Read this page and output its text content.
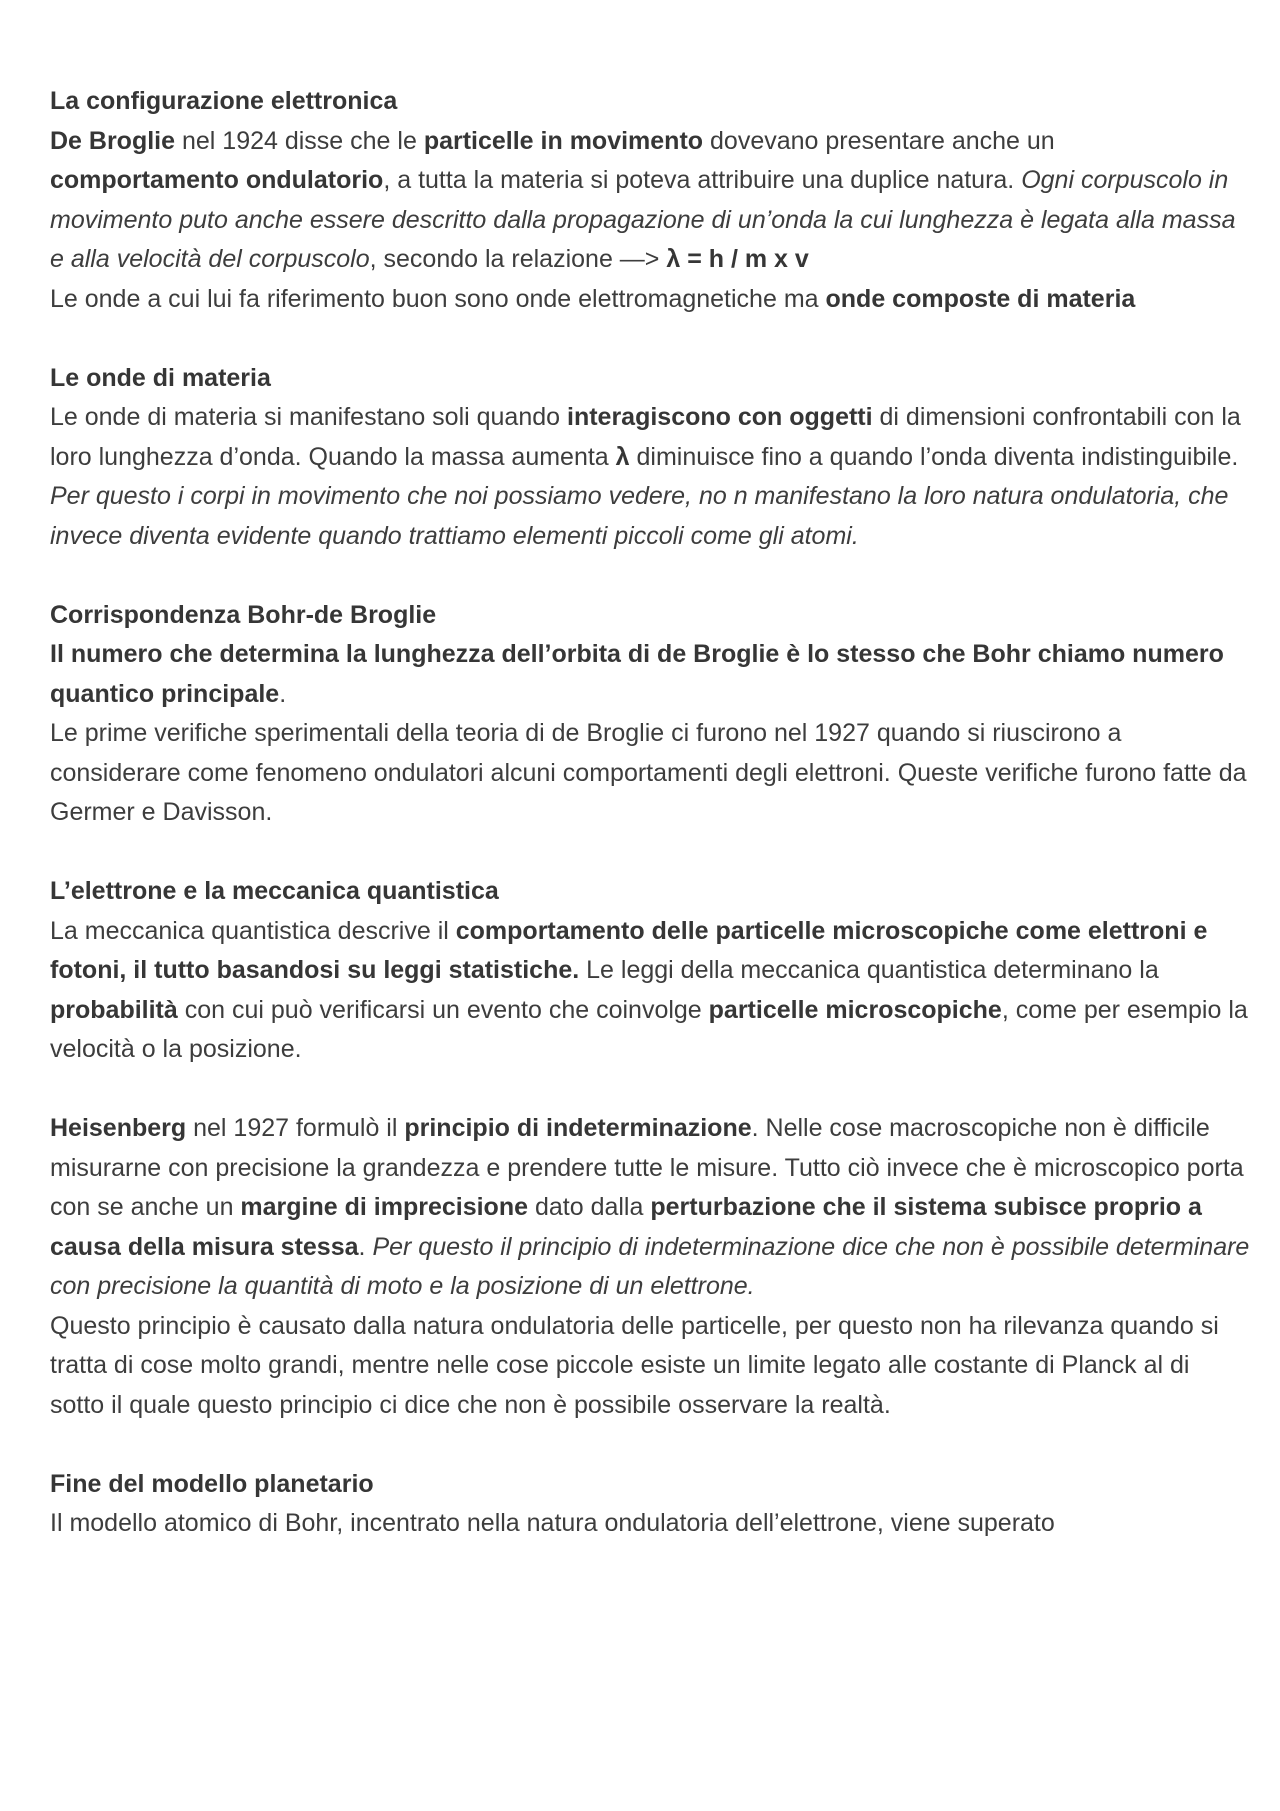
La configurazione elettronica
De Broglie nel 1924 disse che le particelle in movimento dovevano presentare anche un comportamento ondulatorio, a tutta la materia si poteva attribuire una duplice natura. Ogni corpuscolo in movimento puto anche essere descritto dalla propagazione di un’onda la cui lunghezza è legata alla massa e alla velocità del corpuscolo, secondo la relazione —> λ = h / m x v
Le onde a cui lui fa riferimento buon sono onde elettromagnetiche ma onde composte di materia
Le onde di materia
Le onde di materia si manifestano soli quando interagiscono con oggetti di dimensioni confrontabili con la loro lunghezza d’onda. Quando la massa aumenta λ diminuisce fino a quando l’onda diventa indistinguibile. Per questo i corpi in movimento che noi possiamo vedere, no n manifestano la loro natura ondulatoria, che invece diventa evidente quando trattiamo elementi piccoli come gli atomi.
Corrispondenza Bohr-de Broglie
Il numero che determina la lunghezza dell’orbita di de Broglie è lo stesso che Bohr chiamo numero quantico principale.
Le prime verifiche sperimentali della teoria di de Broglie ci furono nel 1927 quando si riuscirono a considerare come fenomeno ondulatori alcuni comportamenti degli elettroni. Queste verifiche furono fatte da Germer e Davisson.
L’elettrone e la meccanica quantistica
La meccanica quantistica descrive il comportamento delle particelle microscopiche come elettroni e fotoni, il tutto basandosi su leggi statistiche. Le leggi della meccanica quantistica determinano la probabilità con cui può verificarsi un evento che coinvolge particelle microscopiche, come per esempio la velocità o la posizione.
Heisenberg nel 1927 formulò il principio di indeterminazione. Nelle cose macroscopiche non è difficile misurarne con precisione la grandezza e prendere tutte le misure. Tutto ciò invece che è microscopico porta con se anche un margine di imprecisione dato dalla perturbazione che il sistema subisce proprio a causa della misura stessa. Per questo il principio di indeterminazione dice che non è possibile determinare con precisione la quantità di moto e la posizione di un elettrone.
Questo principio è causato dalla natura ondulatoria delle particelle, per questo non ha rilevanza quando si tratta di cose molto grandi, mentre nelle cose piccole esiste un limite legato alle costante di Planck al di sotto il quale questo principio ci dice che non è possibile osservare la realtà.
Fine del modello planetario
Il modello atomico di Bohr, incentrato nella natura ondulatoria dell’elettrone, viene superato
